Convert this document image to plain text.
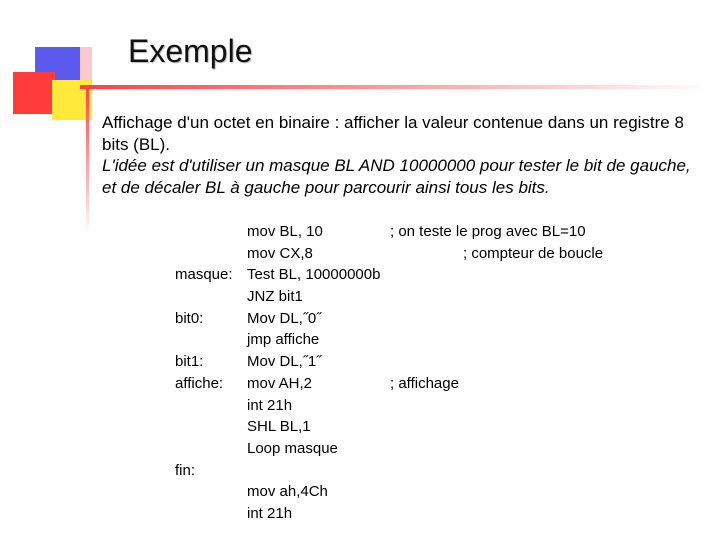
Exemple
Affichage d'un octet en binaire : afficher la valeur contenue dans un registre 8 bits (BL).
L'idée est d'utiliser un masque BL AND 10000000 pour tester le bit de gauche, et de décaler BL à gauche pour parcourir ainsi tous les bits.
mov BL, 10	; on teste le prog avec BL=10
mov CX,8	; compteur de boucle
masque: Test BL, 10000000b
JNZ bit1
bit0:	Mov DL,˝0˝
jmp affiche
bit1:	Mov DL,˝1˝
affiche: mov AH,2	; affichage
int 21h
SHL BL,1
Loop masque
fin:
mov ah,4Ch
int 21h
